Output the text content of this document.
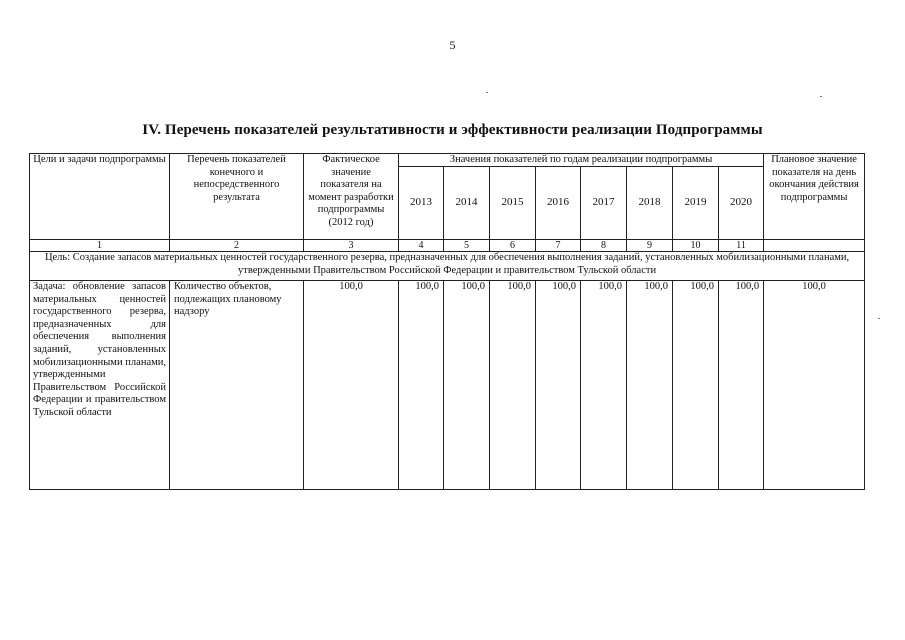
5
IV. Перечень показателей результативности и эффективности реализации Подпрограммы
Цели и задачи подпрограммы	Перечень показателей конечного и непосредственного результата	Фактическое значение показателя на момент разработки подпрограммы (2012 год)	Значения показателей по годам реализации подпрограммы								Плановое значение показателя на день окончания действия подпрограммы
			2013	2014	2015	2016	2017	2018	2019	2020	
1	2	3	4	5	6	7	8	9	10	11	
Цель: Создание запасов материальных ценностей государственного резерва, предназначенных для обеспечения выполнения заданий, установленных мобилизационными планами, утвержденными Правительством Российской Федерации и правительством Тульской области											
Задача: обновление запасов материальных ценностей государственного резерва, предназначенных для обеспечения выполнения заданий, установленных мобилизационными планами, утвержденными Правительством Российской Федерации и правительством Тульской области	Количество объектов, подлежащих плановому надзору	100,0	100,0	100,0	100,0	100,0	100,0	100,0	100,0	100,0	100,0
